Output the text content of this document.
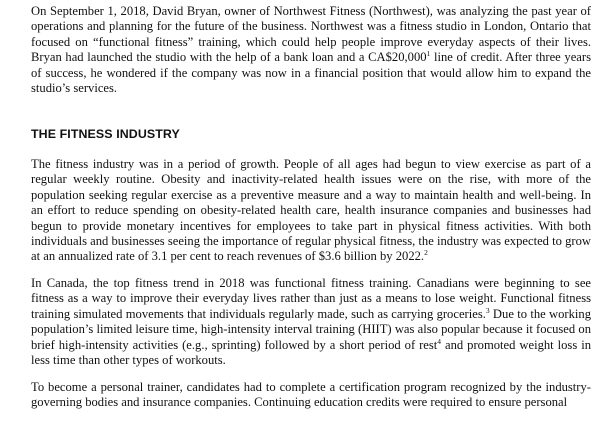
On September 1, 2018, David Bryan, owner of Northwest Fitness (Northwest), was analyzing the past year of operations and planning for the future of the business. Northwest was a fitness studio in London, Ontario that focused on “functional fitness” training, which could help people improve everyday aspects of their lives. Bryan had launched the studio with the help of a bank loan and a CA$20,000$^1$ line of credit. After three years of success, he wondered if the company was now in a financial position that would allow him to expand the studio’s services.

THE FITNESS INDUSTRY

The fitness industry was in a period of growth. People of all ages had begun to view exercise as part of a regular weekly routine. Obesity and inactivity-related health issues were on the rise, with more of the population seeking regular exercise as a preventive measure and a way to maintain health and well-being. In an effort to reduce spending on obesity-related health care, health insurance companies and businesses had begun to provide monetary incentives for employees to take part in physical fitness activities. With both individuals and businesses seeing the importance of regular physical fitness, the industry was expected to grow at an annualized rate of 3.1 per cent to reach revenues of $3.6 billion by 2022.$^2$

In Canada, the top fitness trend in 2018 was functional fitness training. Canadians were beginning to see fitness as a way to improve their everyday lives rather than just as a means to lose weight. Functional fitness training simulated movements that individuals regularly made, such as carrying groceries.$^3$ Due to the working population’s limited leisure time, high-intensity interval training (HIIT) was also popular because it focused on brief high-intensity activities (e.g., sprinting) followed by a short period of rest$^4$ and promoted weight loss in less time than other types of workouts.

To become a personal trainer, candidates had to complete a certification program recognized by the industry-governing bodies and insurance companies. Continuing education credits were required to ensure personal
